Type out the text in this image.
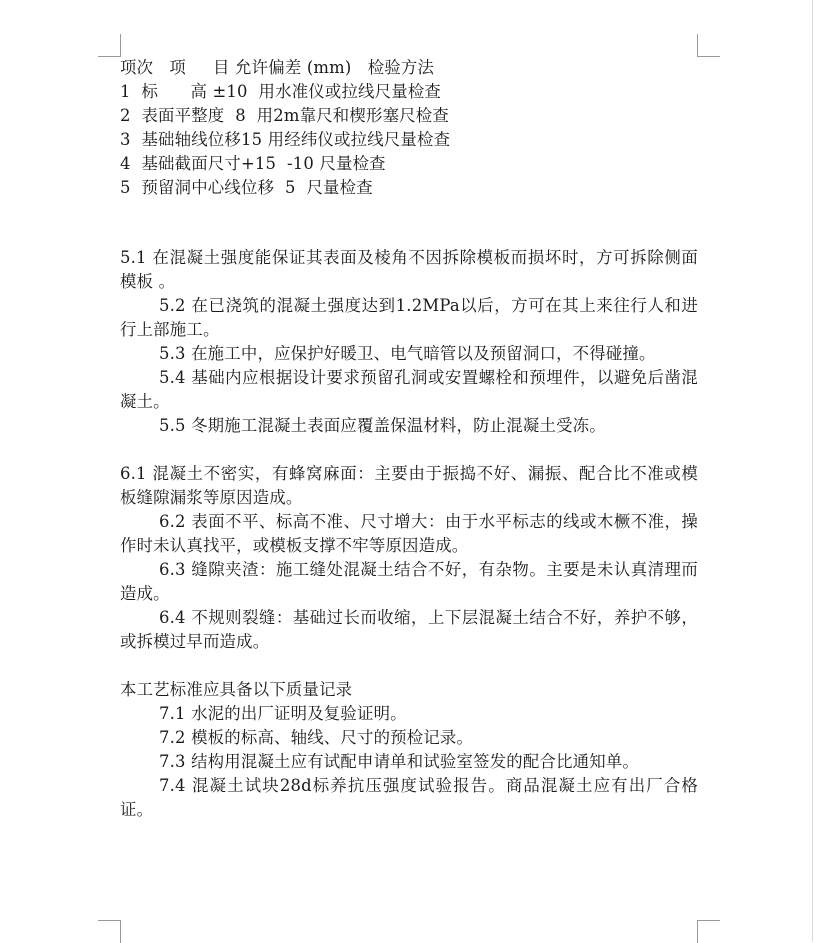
项次   项     目 允许偏差 (mm)   检验方法
1  标      高 ±10  用水准仪或拉线尺量检查
2  表面平整度  8  用2m靠尺和楔形塞尺检查
3  基础轴线位移15 用经纬仪或拉线尺量检查
4  基础截面尺寸+15  -10 尺量检查
5  预留洞中心线位移  5  尺量检查

5.1 在混凝土强度能保证其表面及棱角不因拆除模板而损坏时，方可拆除侧面模板 。

5.2 在已浇筑的混凝土强度达到1.2MPa以后，方可在其上来往行人和进行上部施工。

5.3 在施工中，应保护好暖卫、电气暗管以及预留洞口，不得碰撞。

5.4 基础内应根据设计要求预留孔洞或安置螺栓和预埋件，以避免后凿混凝土。

5.5 冬期施工混凝土表面应覆盖保温材料，防止混凝土受冻。

6.1 混凝土不密实，有蜂窝麻面：主要由于振捣不好、漏振、配合比不准或模板缝隙漏浆等原因造成。

6.2 表面不平、标高不准、尺寸增大：由于水平标志的线或木橛不准，操作时未认真找平，或模板支撑不牢等原因造成。

6.3 缝隙夹渣：施工缝处混凝土结合不好，有杂物。主要是未认真清理而造成。

6.4 不规则裂缝：基础过长而收缩，上下层混凝土结合不好，养护不够，或拆模过早而造成。

本工艺标准应具备以下质量记录

7.1 水泥的出厂证明及复验证明。

7.2 模板的标高、轴线、尺寸的预检记录。

7.3 结构用混凝土应有试配申请单和试验室签发的配合比通知单。

7.4 混凝土试块28d标养抗压强度试验报告。商品混凝土应有出厂合格证。
